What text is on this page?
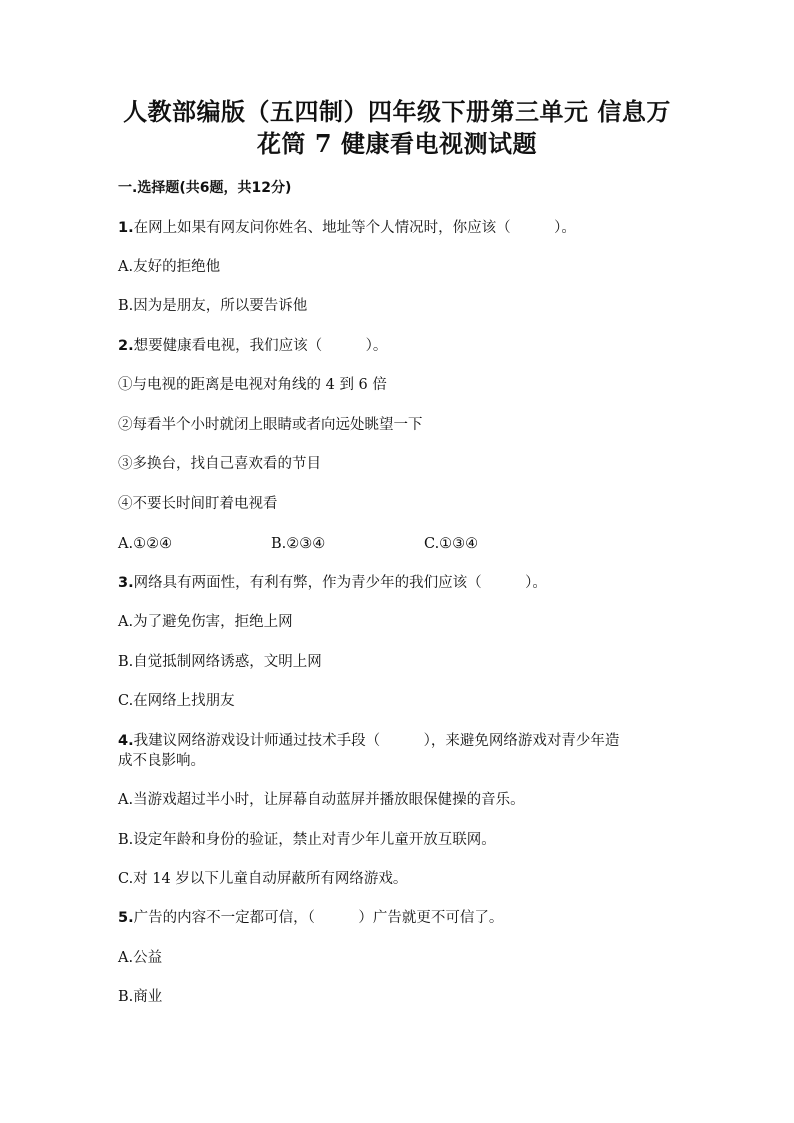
人教部编版（五四制）四年级下册第三单元 信息万
花筒 7 健康看电视测试题
一.选择题(共6题，共12分)
1.在网上如果有网友问你姓名、地址等个人情况时，你应该（　　　）。
A.友好的拒绝他
B.因为是朋友，所以要告诉他
2.想要健康看电视，我们应该（　　　）。
①与电视的距离是电视对角线的 4 到 6 倍
②每看半个小时就闭上眼睛或者向远处眺望一下
③多换台，找自己喜欢看的节目
④不要长时间盯着电视看
A.①②④	B.②③④	C.①③④
3.网络具有两面性，有利有弊，作为青少年的我们应该（　　　）。
A.为了避免伤害，拒绝上网
B.自觉抵制网络诱惑，文明上网
C.在网络上找朋友
4.我建议网络游戏设计师通过技术手段（　　　），来避免网络游戏对青少年造
成不良影响。
A.当游戏超过半小时，让屏幕自动蓝屏并播放眼保健操的音乐。
B.设定年龄和身份的验证，禁止对青少年儿童开放互联网。
C.对 14 岁以下儿童自动屏蔽所有网络游戏。
5.广告的内容不一定都可信，（　　　）广告就更不可信了。
A.公益
B.商业
